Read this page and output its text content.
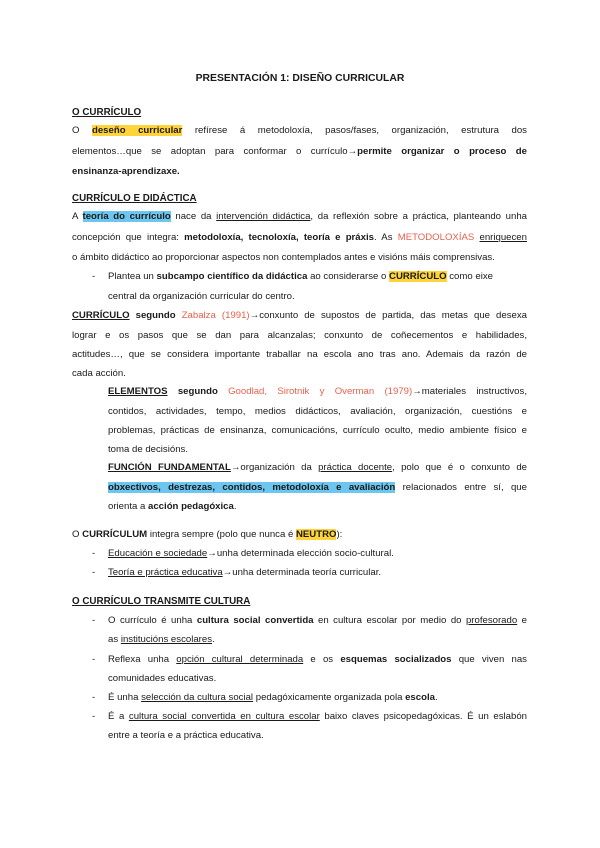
PRESENTACIÓN 1: DISEÑO CURRICULAR
O CURRÍCULO
O deseño curricular refírese á metodoloxía, pasos/fases, organización, estrutura dos
elementos…que se adoptan para conformar o currículo→permite organizar o proceso de
ensinanza-aprendizaxe.
CURRÍCULO E DIDÁCTICA
A teoría do currículo nace da intervención didáctica, da reflexión sobre a práctica, planteando unha
concepción que integra: metodoloxía, tecnoloxía, teoría e práxis. As METODOLOXÍAS enriquecen
o ámbito didáctico ao proporcionar aspectos non contemplados antes e visións máis comprensivas.
- Plantea un subcampo científico da didáctica ao considerarse o CURRÍCULO como eixe
central da organización curricular do centro.
CURRÍCULO segundo Zabalza (1991)→conxunto de supostos de partida, das metas que desexa
lograr e os pasos que se dan para alcanzalas; conxunto de coñecementos e habilidades,
actitudes…, que se considera importante traballar na escola ano tras ano. Ademais da razón de
cada acción.
ELEMENTOS segundo Goodlad, Sirotnik y Overman (1979)→materiales instructivos,
contidos, actividades, tempo, medios didácticos, avaliación, organización, cuestións e
problemas, prácticas de ensinanza, comunicacións, currículo oculto, medio ambiente físico e
toma de decisións.
FUNCIÓN FUNDAMENTAL→organización da práctica docente, polo que é o conxunto de
obxectivos, destrezas, contidos, metodoloxía e avaliación relacionados entre sí, que
orienta a acción pedagóxica.
O CURRÍCULUM integra sempre (polo que nunca é NEUTRO):
- Educación e sociedade→unha determinada elección socio-cultural.
- Teoría e práctica educativa→unha determinada teoría curricular.
O CURRÍCULO TRANSMITE CULTURA
- O currículo é unha cultura social convertida en cultura escolar por medio do profesorado e
as institucións escolares.
- Reflexa unha opción cultural determinada e os esquemas socializados que viven nas
comunidades educativas.
- É unha selección da cultura social pedagóxicamente organizada pola escola.
- É a cultura social convertida en cultura escolar baixo claves psicopedagóxicas. É un eslabón
entre a teoría e a práctica educativa.
